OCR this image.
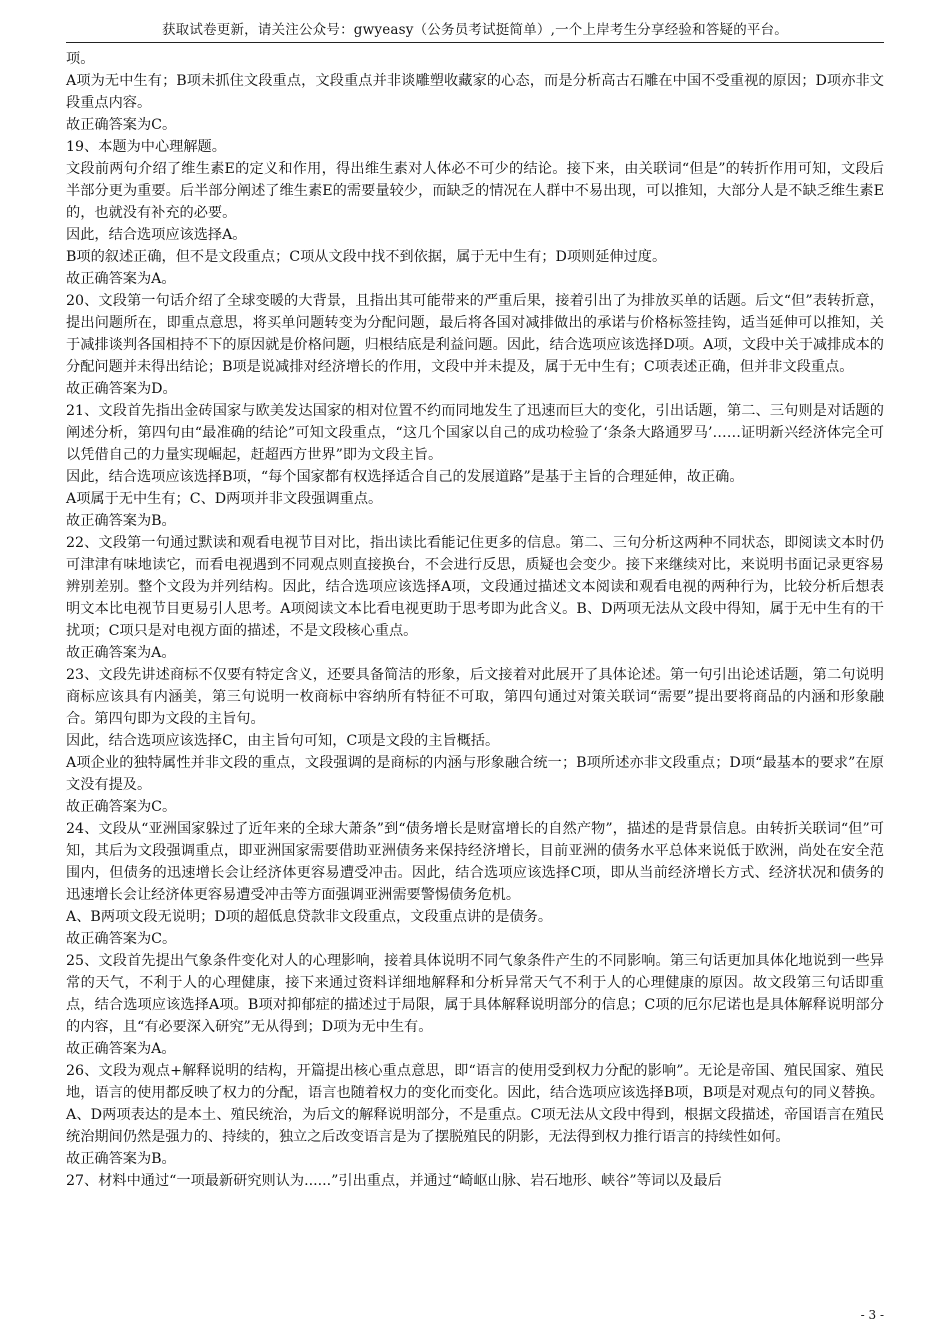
获取试卷更新，请关注公众号：gwyeasy（公务员考试挺简单）,一个上岸考生分享经验和答疑的平台。

项。

A项为无中生有；B项未抓住文段重点，文段重点并非谈雕塑收藏家的心态，而是分析高古石雕在中国不受重视的原因；D项亦非文段重点内容。

故正确答案为C。

19、本题为中心理解题。

文段前两句介绍了维生素E的定义和作用，得出维生素对人体必不可少的结论。接下来，由关联词“但是”的转折作用可知，文段后半部分更为重要。后半部分阐述了维生素E的需要量较少，而缺乏的情况在人群中不易出现，可以推知，大部分人是不缺乏维生素E的，也就没有补充的必要。

因此，结合选项应该选择A。

B项的叙述正确，但不是文段重点；C项从文段中找不到依据，属于无中生有；D项则延伸过度。

故正确答案为A。

20、文段第一句话介绍了全球变暖的大背景，且指出其可能带来的严重后果，接着引出了为排放买单的话题。后文“但”表转折意，提出问题所在，即重点意思，将买单问题转变为分配问题，最后将各国对减排做出的承诺与价格标签挂钩，适当延伸可以推知，关于减排谈判各国相持不下的原因就是价格问题，归根结底是利益问题。因此，结合选项应该选择D项。A项，文段中关于减排成本的分配问题并未得出结论；B项是说减排对经济增长的作用，文段中并未提及，属于无中生有；C项表述正确，但并非文段重点。

故正确答案为D。

21、文段首先指出金砖国家与欧美发达国家的相对位置不约而同地发生了迅速而巨大的变化，引出话题，第二、三句则是对话题的阐述分析，第四句由“最准确的结论”可知文段重点，“这几个国家以自己的成功检验了‘条条大路通罗马’……证明新兴经济体完全可以凭借自己的力量实现崛起，赶超西方世界”即为文段主旨。

因此，结合选项应该选择B项，“每个国家都有权选择适合自己的发展道路”是基于主旨的合理延伸，故正确。

A项属于无中生有；C、D两项并非文段强调重点。

故正确答案为B。

22、文段第一句通过默读和观看电视节目对比，指出读比看能记住更多的信息。第二、三句分析这两种不同状态，即阅读文本时仍可津津有味地读它，而看电视遇到不同观点则直接换台，不会进行反思，质疑也会变少。接下来继续对比，来说明书面记录更容易辨别差别。整个文段为并列结构。因此，结合选项应该选择A项，文段通过描述文本阅读和观看电视的两种行为，比较分析后想表明文本比电视节目更易引人思考。A项阅读文本比看电视更助于思考即为此含义。B、D两项无法从文段中得知，属于无中生有的干扰项；C项只是对电视方面的描述，不是文段核心重点。

故正确答案为A。

23、文段先讲述商标不仅要有特定含义，还要具备简洁的形象，后文接着对此展开了具体论述。第一句引出论述话题，第二句说明商标应该具有内涵美，第三句说明一枚商标中容纳所有特征不可取，第四句通过对策关联词“需要”提出要将商品的内涵和形象融合。第四句即为文段的主旨句。

因此，结合选项应该选择C，由主旨句可知，C项是文段的主旨概括。

A项企业的独特属性并非文段的重点，文段强调的是商标的内涵与形象融合统一；B项所述亦非文段重点；D项“最基本的要求”在原文没有提及。

故正确答案为C。

24、文段从“亚洲国家躲过了近年来的全球大萧条”到“债务增长是财富增长的自然产物”，描述的是背景信息。由转折关联词“但”可知，其后为文段强调重点，即亚洲国家需要借助亚洲债务来保持经济增长，目前亚洲的债务水平总体来说低于欧洲，尚处在安全范围内，但债务的迅速增长会让经济体更容易遭受冲击。因此，结合选项应该选择C项，即从当前经济增长方式、经济状况和债务的迅速增长会让经济体更容易遭受冲击等方面强调亚洲需要警惕债务危机。

A、B两项文段无说明；D项的超低息贷款非文段重点，文段重点讲的是债务。

故正确答案为C。

25、文段首先提出气象条件变化对人的心理影响，接着具体说明不同气象条件产生的不同影响。第三句话更加具体化地说到一些异常的天气，不利于人的心理健康，接下来通过资料详细地解释和分析异常天气不利于人的心理健康的原因。故文段第三句话即重点，结合选项应该选择A项。B项对抑郁症的描述过于局限，属于具体解释说明部分的信息；C项的厄尔尼诺也是具体解释说明部分的内容，且“有必要深入研究”无从得到；D项为无中生有。

故正确答案为A。

26、文段为观点+解释说明的结构，开篇提出核心重点意思，即“语言的使用受到权力分配的影响”。无论是帝国、殖民国家、殖民地，语言的使用都反映了权力的分配，语言也随着权力的变化而变化。因此，结合选项应该选择B项，B项是对观点句的同义替换。A、D两项表达的是本土、殖民统治，为后文的解释说明部分，不是重点。C项无法从文段中得到，根据文段描述，帝国语言在殖民统治期间仍然是强力的、持续的，独立之后改变语言是为了摆脱殖民的阴影，无法得到权力推行语言的持续性如何。

故正确答案为B。

27、材料中通过“一项最新研究则认为......”引出重点，并通过“崎岖山脉、岩石地形、峡谷”等词以及最后

- 3 -
